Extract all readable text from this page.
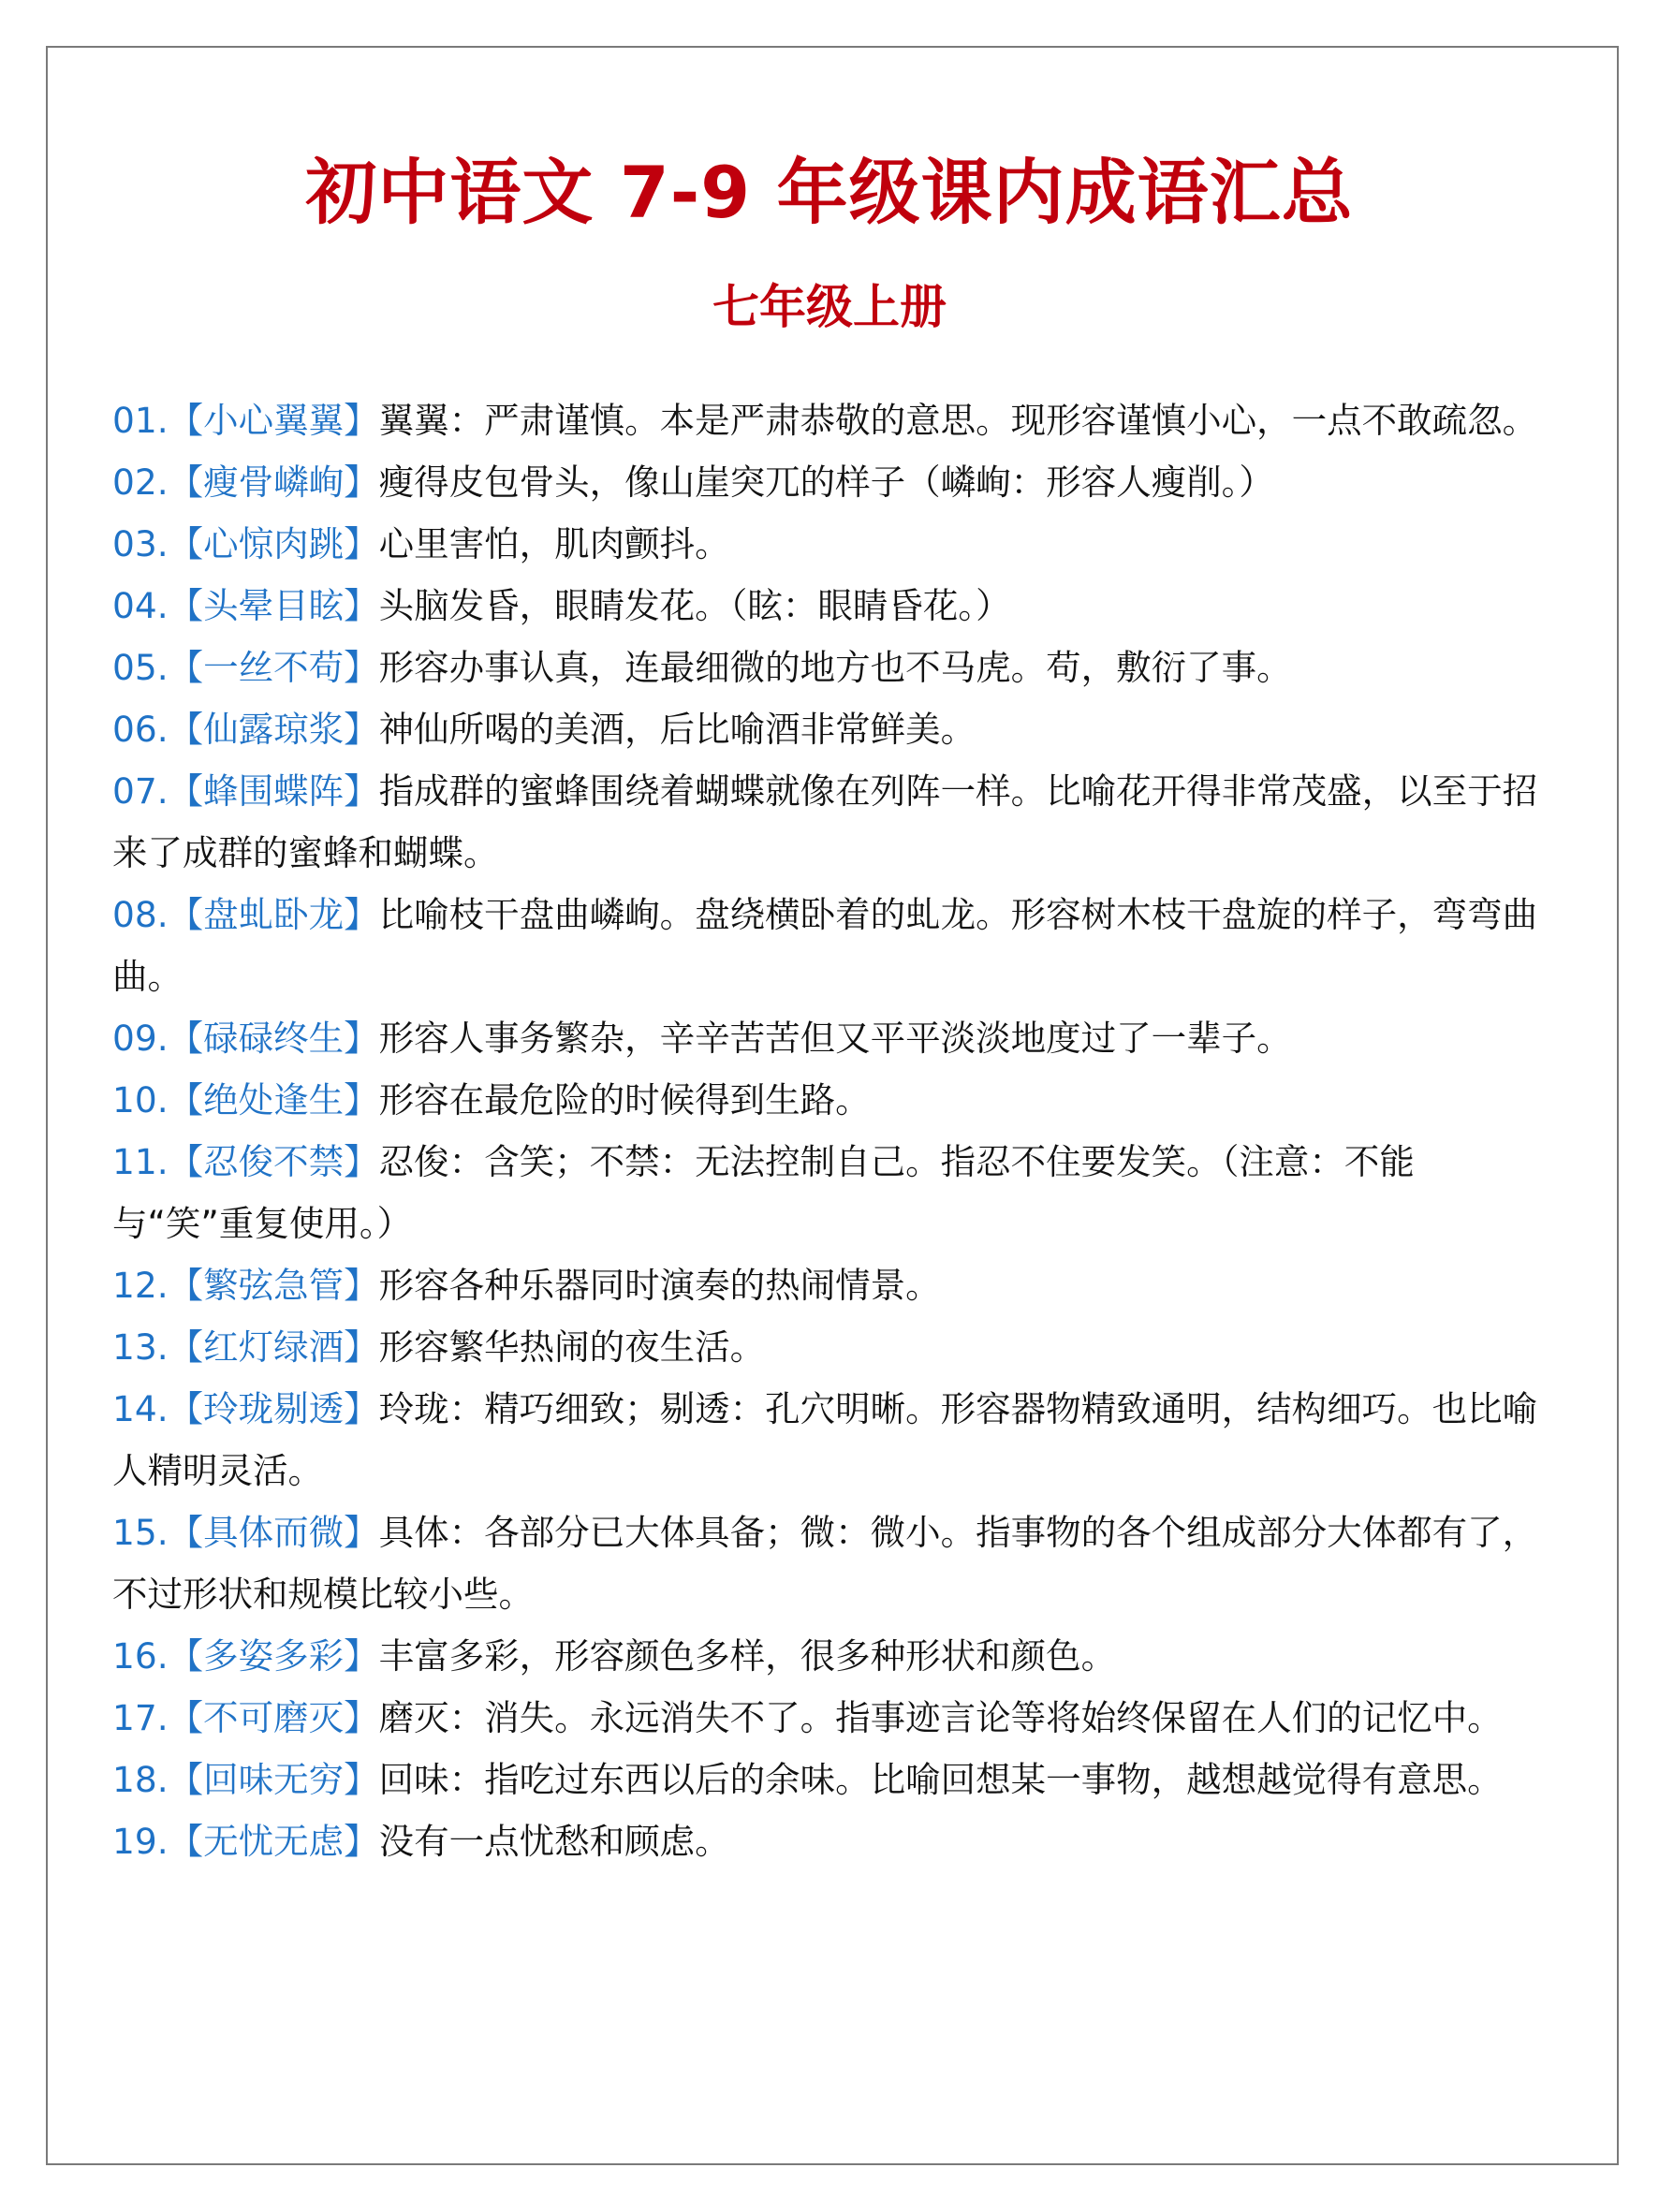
初中语文 7-9 年级课内成语汇总
七年级上册
01.【小心翼翼】翼翼：严肃谨慎。本是严肃恭敬的意思。现形容谨慎小心，一点不敢疏忽。
02.【瘦骨嶙峋】瘦得皮包骨头，像山崖突兀的样子（嶙峋：形容人瘦削。）
03.【心惊肉跳】心里害怕，肌肉颤抖。
04.【头晕目眩】头脑发昏，眼睛发花。（眩：眼睛昏花。）
05.【一丝不苟】形容办事认真，连最细微的地方也不马虎。苟，敷衍了事。
06.【仙露琼浆】神仙所喝的美酒，后比喻酒非常鲜美。
07.【蜂围蝶阵】指成群的蜜蜂围绕着蝴蝶就像在列阵一样。比喻花开得非常茂盛，以至于招来了成群的蜜蜂和蝴蝶。
08.【盘虬卧龙】比喻枝干盘曲嶙峋。盘绕横卧着的虬龙。形容树木枝干盘旋的样子，弯弯曲曲。
09.【碌碌终生】形容人事务繁杂，辛辛苦苦但又平平淡淡地度过了一辈子。
10.【绝处逢生】形容在最危险的时候得到生路。
11.【忍俊不禁】忍俊：含笑；不禁：无法控制自己。指忍不住要发笑。（注意：不能与“笑”重复使用。）
12.【繁弦急管】形容各种乐器同时演奏的热闹情景。
13.【红灯绿酒】形容繁华热闹的夜生活。
14.【玲珑剔透】玲珑：精巧细致；剔透：孔穴明晰。形容器物精致通明，结构细巧。也比喻人精明灵活。
15.【具体而微】具体：各部分已大体具备；微：微小。指事物的各个组成部分大体都有了，不过形状和规模比较小些。
16.【多姿多彩】丰富多彩，形容颜色多样，很多种形状和颜色。
17.【不可磨灭】磨灭：消失。永远消失不了。指事迹言论等将始终保留在人们的记忆中。
18.【回味无穷】回味：指吃过东西以后的余味。比喻回想某一事物，越想越觉得有意思。
19.【无忧无虑】没有一点忧愁和顾虑。
